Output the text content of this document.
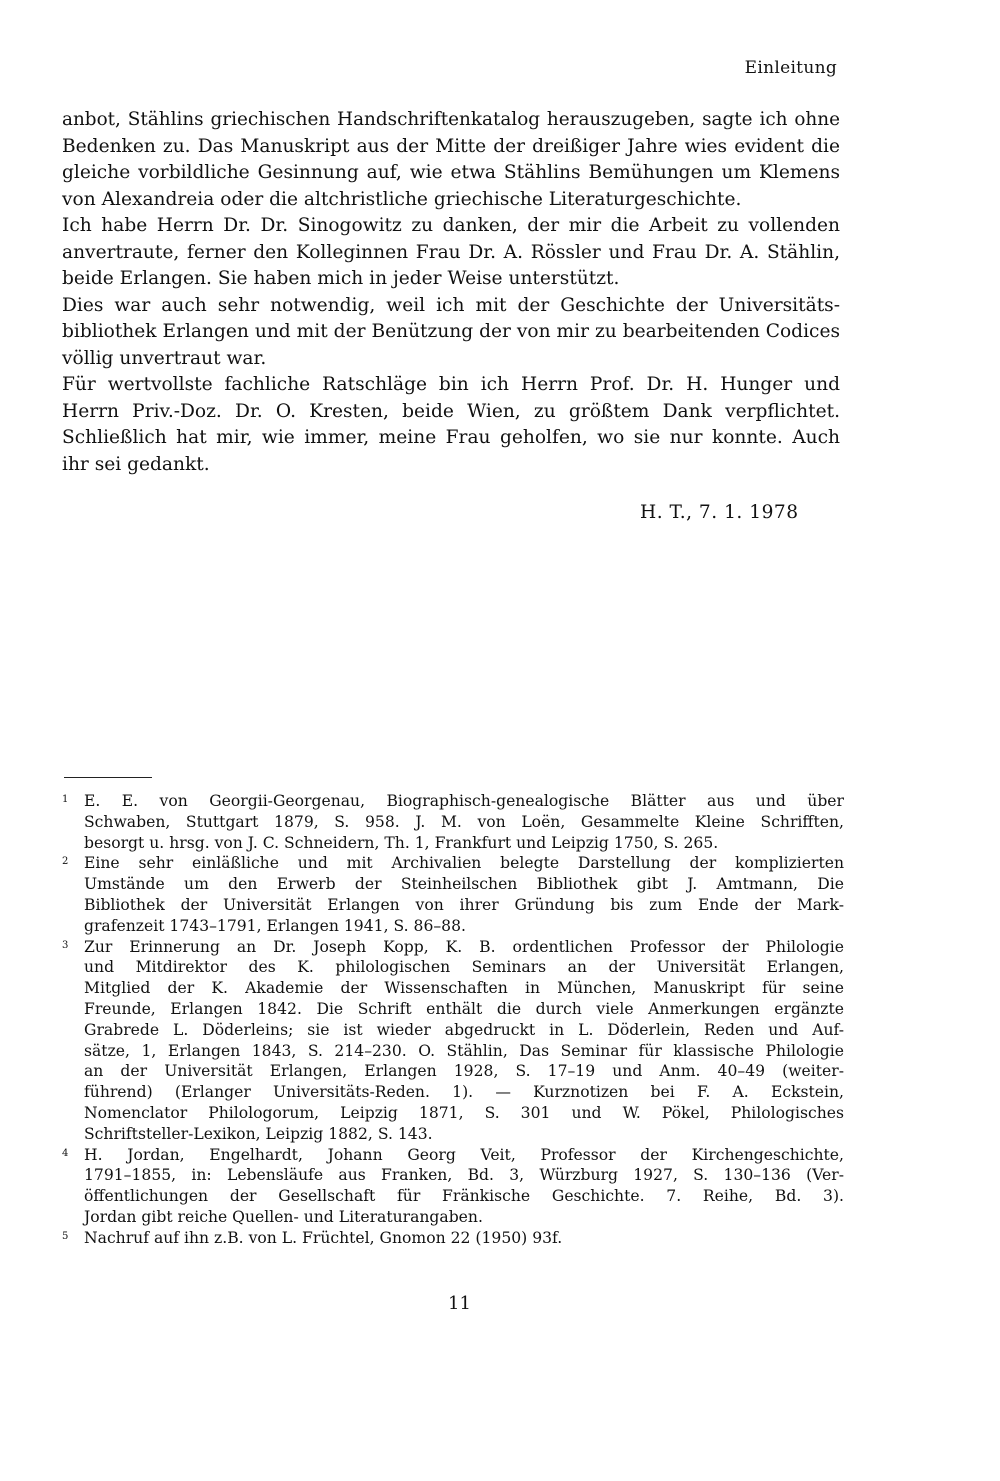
Einleitung
anbot, Stählins griechischen Handschriftenkatalog herauszugeben, sagte ich ohne
Bedenken zu. Das Manuskript aus der Mitte der dreißiger Jahre wies evident die
gleiche vorbildliche Gesinnung auf, wie etwa Stählins Bemühungen um Klemens
von Alexandreia oder die altchristliche griechische Literaturgeschichte.
Ich habe Herrn Dr. Dr. Sinogowitz zu danken, der mir die Arbeit zu vollenden
anvertraute, ferner den Kolleginnen Frau Dr. A. Rössler und Frau Dr. A. Stählin,
beide Erlangen. Sie haben mich in jeder Weise unterstützt.
Dies war auch sehr notwendig, weil ich mit der Geschichte der Universitäts-
bibliothek Erlangen und mit der Benützung der von mir zu bearbeitenden Codices
völlig unvertraut war.
Für wertvollste fachliche Ratschläge bin ich Herrn Prof. Dr. H. Hunger und
Herrn Priv.-Doz. Dr. O. Kresten, beide Wien, zu größtem Dank verpflichtet.
Schließlich hat mir, wie immer, meine Frau geholfen, wo sie nur konnte. Auch
ihr sei gedankt.
H. T., 7. 1. 1978
1 E. E. von Georgii-Georgenau, Biographisch-genealogische Blätter aus und über
Schwaben, Stuttgart 1879, S. 958. J. M. von Loën, Gesammelte Kleine Schrifften,
besorgt u. hrsg. von J. C. Schneidern, Th. 1, Frankfurt und Leipzig 1750, S. 265.
2 Eine sehr einläßliche und mit Archivalien belegte Darstellung der komplizierten
Umstände um den Erwerb der Steinheilschen Bibliothek gibt J. Amtmann, Die
Bibliothek der Universität Erlangen von ihrer Gründung bis zum Ende der Mark-
grafenzeit 1743–1791, Erlangen 1941, S. 86–88.
3 Zur Erinnerung an Dr. Joseph Kopp, K. B. ordentlichen Professor der Philologie
und Mitdirektor des K. philologischen Seminars an der Universität Erlangen,
Mitglied der K. Akademie der Wissenschaften in München, Manuskript für seine
Freunde, Erlangen 1842. Die Schrift enthält die durch viele Anmerkungen ergänzte
Grabrede L. Döderleins; sie ist wieder abgedruckt in L. Döderlein, Reden und Auf-
sätze, 1, Erlangen 1843, S. 214–230. O. Stählin, Das Seminar für klassische Philologie
an der Universität Erlangen, Erlangen 1928, S. 17–19 und Anm. 40–49 (weiter-
führend) (Erlanger Universitäts-Reden. 1). — Kurznotizen bei F. A. Eckstein,
Nomenclator Philologorum, Leipzig 1871, S. 301 und W. Pökel, Philologisches
Schriftsteller-Lexikon, Leipzig 1882, S. 143.
4 H. Jordan, Engelhardt, Johann Georg Veit, Professor der Kirchengeschichte,
1791–1855, in: Lebensläufe aus Franken, Bd. 3, Würzburg 1927, S. 130–136 (Ver-
öffentlichungen der Gesellschaft für Fränkische Geschichte. 7. Reihe, Bd. 3).
Jordan gibt reiche Quellen- und Literaturangaben.
5 Nachruf auf ihn z.B. von L. Früchtel, Gnomon 22 (1950) 93f.
11
